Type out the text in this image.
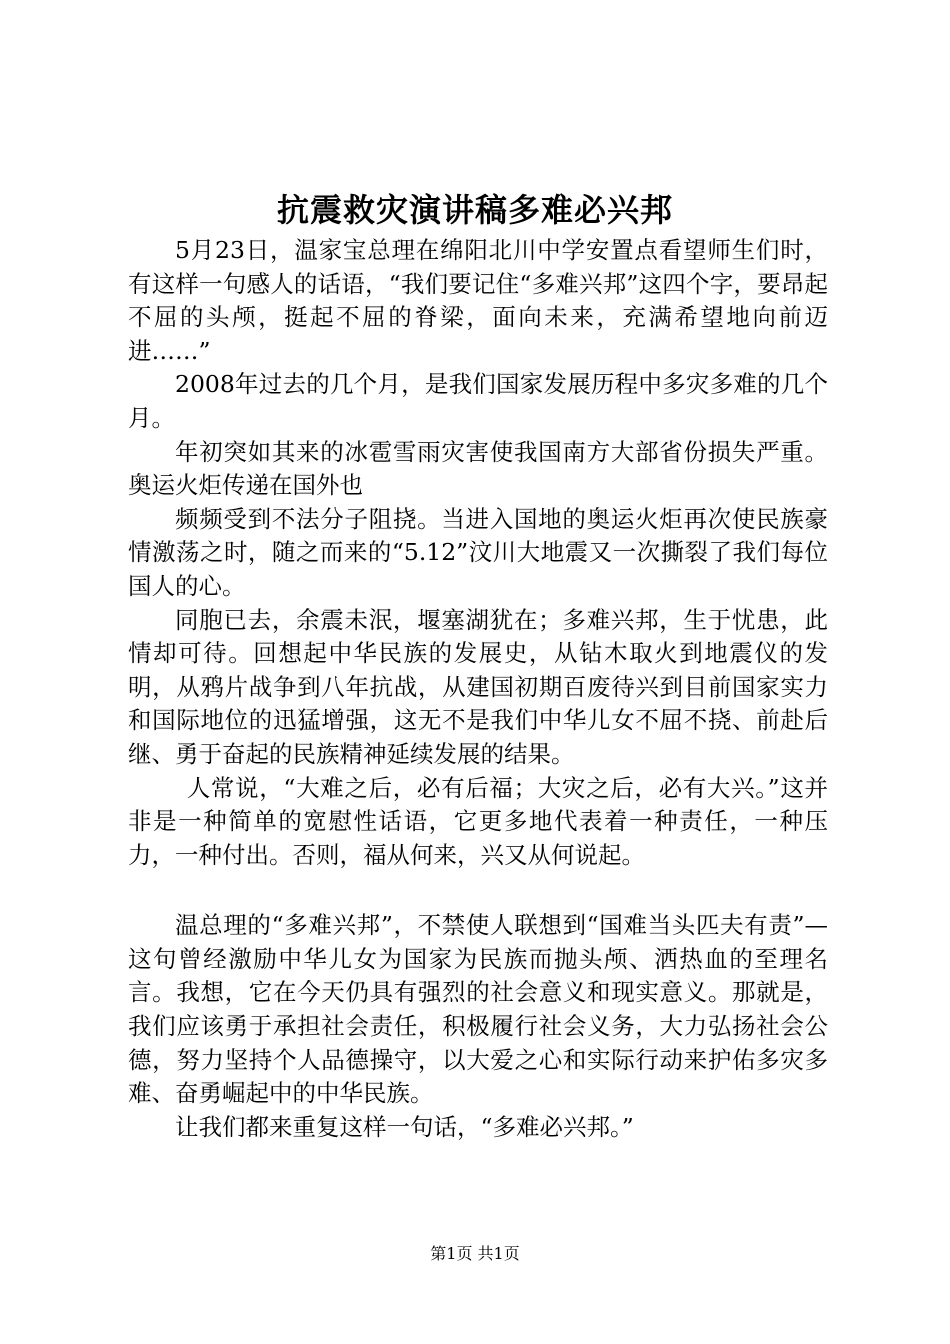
抗震救灾演讲稿多难必兴邦

5月23日，温家宝总理在绵阳北川中学安置点看望师生们时，有这样一句感人的话语，“我们要记住“多难兴邦”这四个字，要昂起不屈的头颅，挺起不屈的脊梁，面向未来，充满希望地向前迈进……”

2008年过去的几个月，是我们国家发展历程中多灾多难的几个月。

年初突如其来的冰雹雪雨灾害使我国南方大部省份损失严重。奥运火炬传递在国外也

频频受到不法分子阻挠。当进入国地的奥运火炬再次使民族豪情激荡之时，随之而来的“5.12”汶川大地震又一次撕裂了我们每位国人的心。

同胞已去，余震未泯，堰塞湖犹在；多难兴邦，生于忧患，此情却可待。回想起中华民族的发展史，从钻木取火到地震仪的发明，从鸦片战争到八年抗战，从建国初期百废待兴到目前国家实力和国际地位的迅猛增强，这无不是我们中华儿女不屈不挠、前赴后继、勇于奋起的民族精神延续发展的结果。

人常说，“大难之后，必有后福；大灾之后，必有大兴。”这并非是一种简单的宽慰性话语，它更多地代表着一种责任，一种压力，一种付出。否则，福从何来，兴又从何说起。

温总理的“多难兴邦”，不禁使人联想到“国难当头匹夫有责”—这句曾经激励中华儿女为国家为民族而抛头颅、洒热血的至理名言。我想，它在今天仍具有强烈的社会意义和现实意义。那就是，我们应该勇于承担社会责任，积极履行社会义务，大力弘扬社会公德，努力坚持个人品德操守，以大爱之心和实际行动来护佑多灾多难、奋勇崛起中的中华民族。

让我们都来重复这样一句话，“多难必兴邦。”

第1页 共1页
